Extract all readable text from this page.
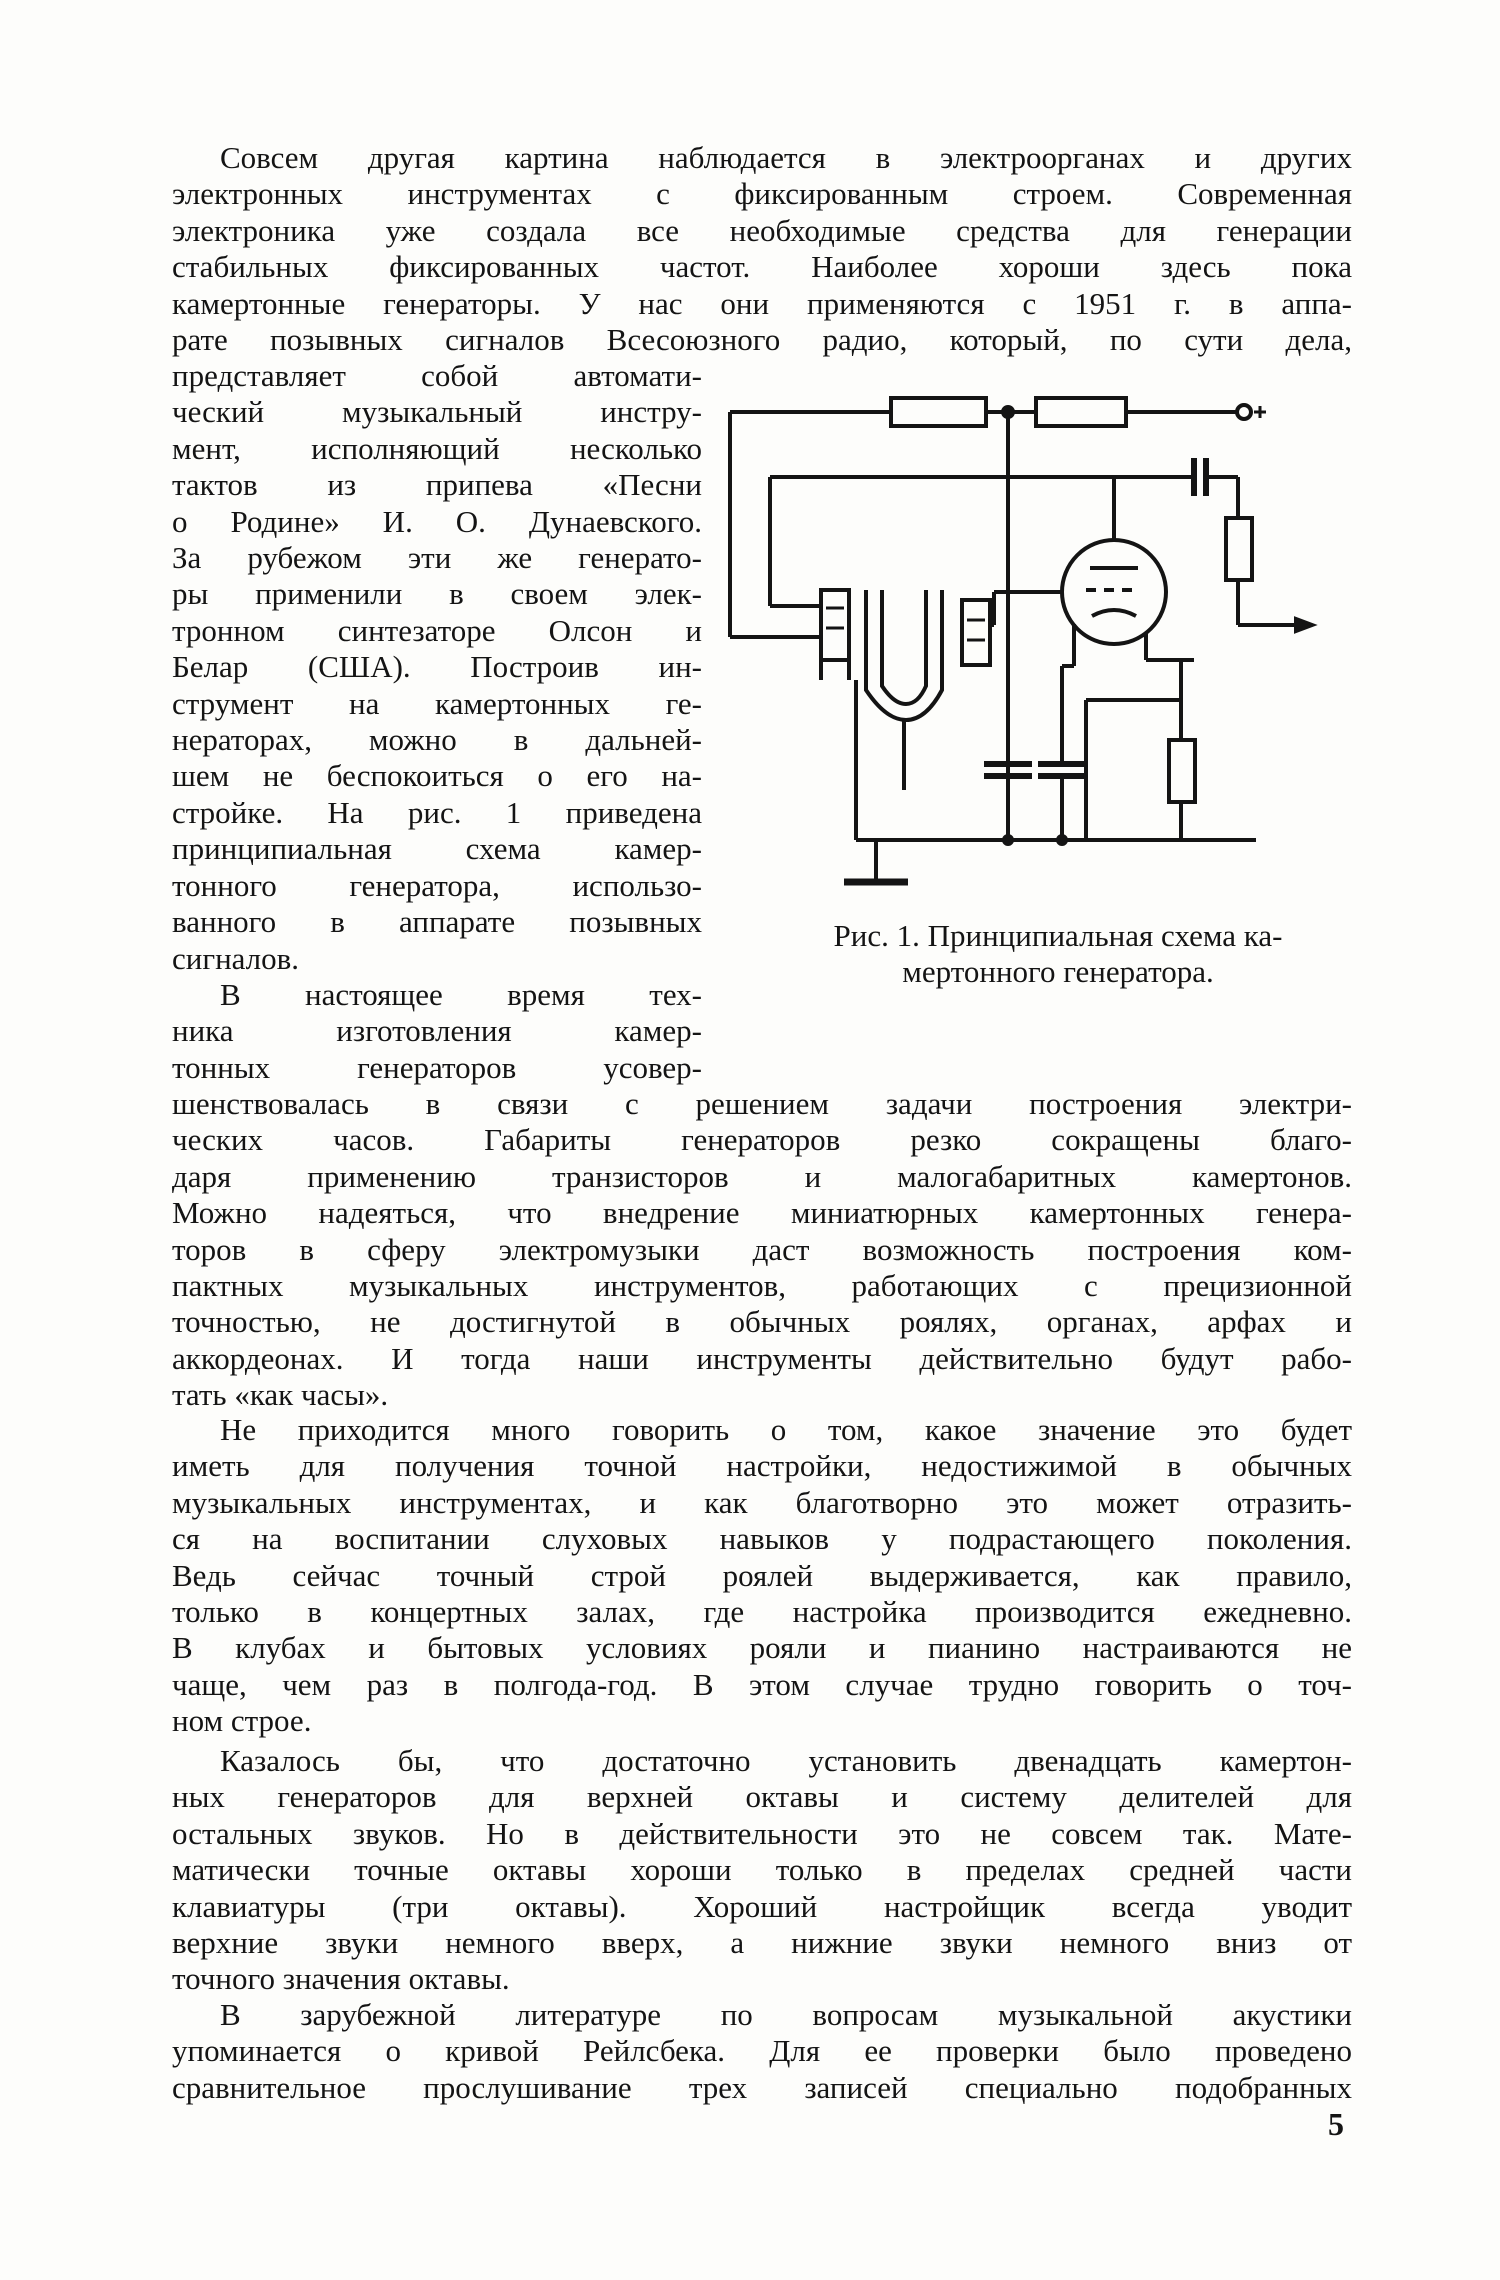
Совсем другая картина наблюдается в электроорганах и других
электронных инструментах с фиксированным строем. Современная
электроника уже создала все необходимые средства для генерации
стабильных фиксированных частот. Наиболее хороши здесь пока
камертонные генераторы. У нас они применяются с 1951 г. в аппа-
рате позывных сигналов Всесоюзного радио, который, по сути дела,
представляет собой автомати-
ческий музыкальный инстру-
мент, исполняющий несколько
тактов из припева «Песни
о Родине» И. О. Дунаевского.
За рубежом эти же генерато-
ры применили в своем элек-
тронном синтезаторе Олсон и
Белар (США). Построив ин-
струмент на камертонных ге-
нераторах, можно в дальней-
шем не беспокоиться о его на-
стройке. На рис. 1 приведена
принципиальная схема камер-
тонного генератора, использо-
ванного в аппарате позывных
сигналов.
В настоящее время тех-
ника изготовления камер-
тонных генераторов усовер-
шенствовалась в связи с решением задачи построения электри-
ческих часов. Габариты генераторов резко сокращены благо-
даря применению транзисторов и малогабаритных камертонов.
Можно надеяться, что внедрение миниатюрных камертонных генера-
торов в сферу электромузыки даст возможность построения ком-
пактных музыкальных инструментов, работающих с прецизионной
точностью, не достигнутой в обычных роялях, органах, арфах и
аккордеонах. И тогда наши инструменты действительно будут рабо-
тать «как часы».
Не приходится много говорить о том, какое значение это будет
иметь для получения точной настройки, недостижимой в обычных
музыкальных инструментах, и как благотворно это может отразить-
ся на воспитании слуховых навыков у подрастающего поколения.
Ведь сейчас точный строй роялей выдерживается, как правило,
только в концертных залах, где настройка производится ежедневно.
В клубах и бытовых условиях рояли и пианино настраиваются не
чаще, чем раз в полгода-год. В этом случае трудно говорить о точ-
ном строе.
Казалось бы, что достаточно установить двенадцать камертон-
ных генераторов для верхней октавы и систему делителей для
остальных звуков. Но в действительности это не совсем так. Мате-
матически точные октавы хороши только в пределах средней части
клавиатуры (три октавы). Хороший настройщик всегда уводит
верхние звуки немного вверх, а нижние звуки немного вниз от
точного значения октавы.
В зарубежной литературе по вопросам музыкальной акустики
упоминается о кривой Рейлсбека. Для ее проверки было проведено
сравнительное прослушивание трех записей специально подобранных
Рис. 1. Принципиальная схема ка-
мертонного генератора.
5
